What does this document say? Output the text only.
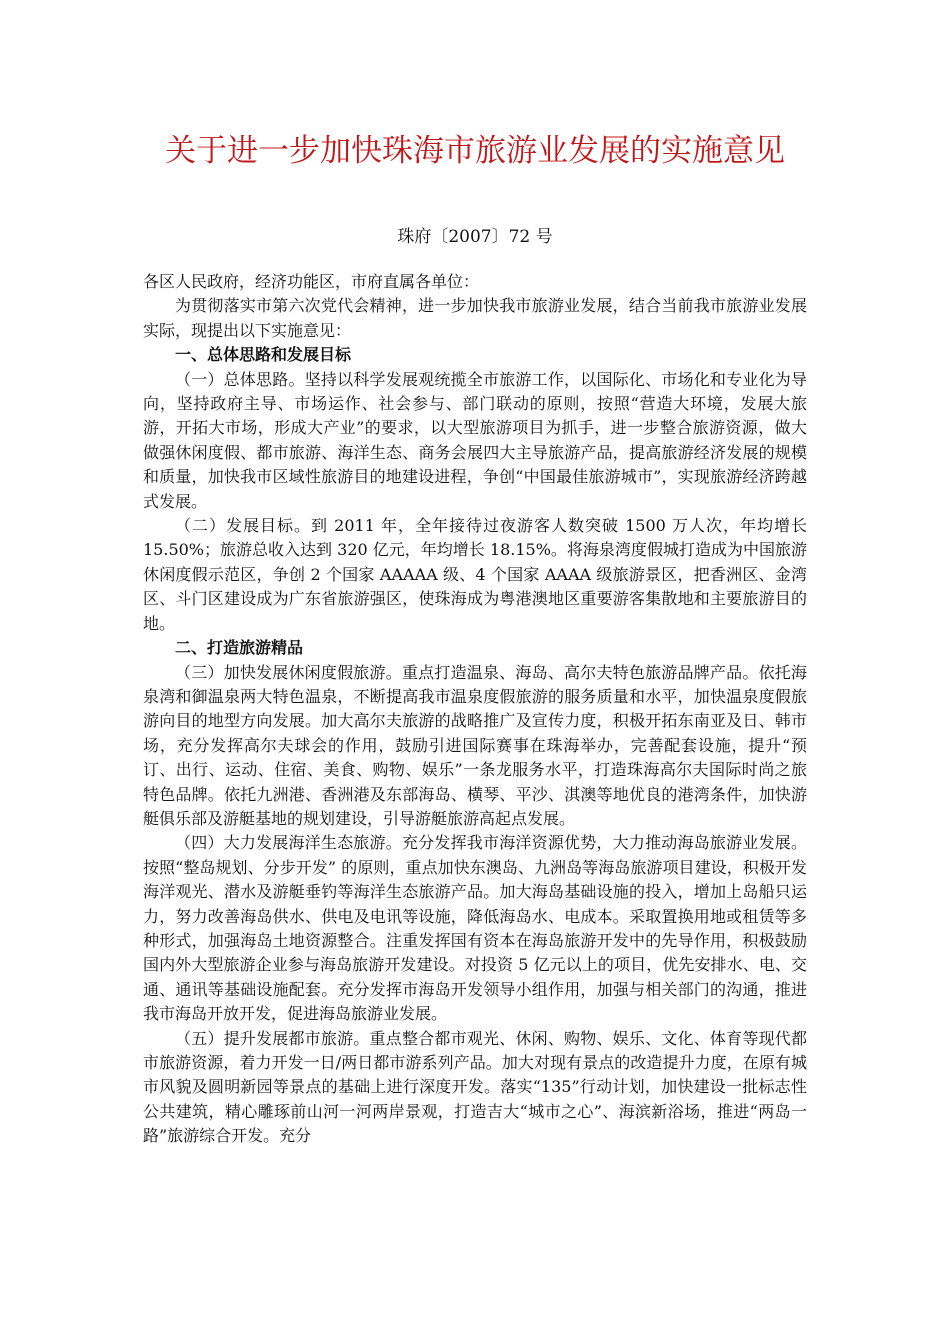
关于进一步加快珠海市旅游业发展的实施意见
珠府〔2007〕72 号

各区人民政府，经济功能区，市府直属各单位：

为贯彻落实市第六次党代会精神，进一步加快我市旅游业发展，结合当前我市旅游业发展实际，现提出以下实施意见：

一、总体思路和发展目标

（一）总体思路。坚持以科学发展观统揽全市旅游工作，以国际化、市场化和专业化为导向，坚持政府主导、市场运作、社会参与、部门联动的原则，按照“营造大环境，发展大旅游，开拓大市场，形成大产业”的要求，以大型旅游项目为抓手，进一步整合旅游资源，做大做强休闲度假、都市旅游、海洋生态、商务会展四大主导旅游产品，提高旅游经济发展的规模和质量，加快我市区域性旅游目的地建设进程，争创“中国最佳旅游城市”，实现旅游经济跨越式发展。

（二）发展目标。到 2011 年，全年接待过夜游客人数突破 1500 万人次，年均增长 15.50%；旅游总收入达到 320 亿元，年均增长 18.15%。将海泉湾度假城打造成为中国旅游休闲度假示范区，争创 2 个国家 AAAAA 级、4 个国家 AAAA 级旅游景区，把香洲区、金湾区、斗门区建设成为广东省旅游强区，使珠海成为粤港澳地区重要游客集散地和主要旅游目的地。

二、打造旅游精品

（三）加快发展休闲度假旅游。重点打造温泉、海岛、高尔夫特色旅游品牌产品。依托海泉湾和御温泉两大特色温泉，不断提高我市温泉度假旅游的服务质量和水平，加快温泉度假旅游向目的地型方向发展。加大高尔夫旅游的战略推广及宣传力度，积极开拓东南亚及日、韩市场，充分发挥高尔夫球会的作用，鼓励引进国际赛事在珠海举办，完善配套设施，提升“预订、出行、运动、住宿、美食、购物、娱乐”一条龙服务水平，打造珠海高尔夫国际时尚之旅特色品牌。依托九洲港、香洲港及东部海岛、横琴、平沙、淇澳等地优良的港湾条件，加快游艇俱乐部及游艇基地的规划建设，引导游艇旅游高起点发展。

（四）大力发展海洋生态旅游。充分发挥我市海洋资源优势，大力推动海岛旅游业发展。按照“整岛规划、分步开发” 的原则，重点加快东澳岛、九洲岛等海岛旅游项目建设，积极开发海洋观光、潜水及游艇垂钓等海洋生态旅游产品。加大海岛基础设施的投入，增加上岛船只运力，努力改善海岛供水、供电及电讯等设施，降低海岛水、电成本。采取置换用地或租赁等多种形式，加强海岛土地资源整合。注重发挥国有资本在海岛旅游开发中的先导作用，积极鼓励国内外大型旅游企业参与海岛旅游开发建设。对投资 5 亿元以上的项目，优先安排水、电、交通、通讯等基础设施配套。充分发挥市海岛开发领导小组作用，加强与相关部门的沟通，推进我市海岛开放开发，促进海岛旅游业发展。

（五）提升发展都市旅游。重点整合都市观光、休闲、购物、娱乐、文化、体育等现代都市旅游资源，着力开发一日/两日都市游系列产品。加大对现有景点的改造提升力度，在原有城市风貌及圆明新园等景点的基础上进行深度开发。落实“135”行动计划，加快建设一批标志性公共建筑，精心雕琢前山河一河两岸景观，打造吉大“城市之心”、海滨新浴场，推进“两岛一路”旅游综合开发。充分
